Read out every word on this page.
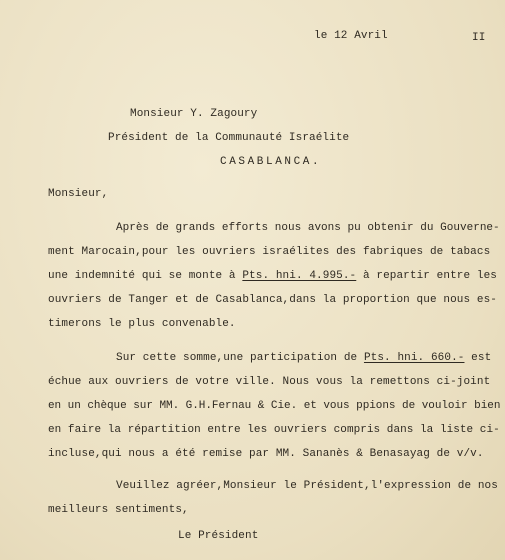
le 12 Avril	II
Monsieur Y. Zagoury
Président de la Communauté Israélite
CASABLANCA.
Monsieur,
Après de grands efforts nous avons pu obtenir du Gouverne-
ment Marocain,pour les ouvriers israélites des fabriques de tabacs
une indemnité qui se monte à Pts. hni. 4.995.- à repartir entre les
ouvriers de Tanger et de Casablanca,dans la proportion que nous es-
timerons le plus convenable.
Sur cette somme,une participation de Pts. hni. 660.- est
échue aux ouvriers de votre ville. Nous vous la remettons ci-joint
en un chèque sur MM. G.H.Fernau & Cie. et vous ppions de vouloir bien
en faire la répartition entre les ouvriers compris dans la liste ci-
incluse,qui nous a été remise par MM. Sananès & Benasayag de v/v.
Veuillez agréer,Monsieur le Président,l'expression de nos
meilleurs sentiments,
Le Président
